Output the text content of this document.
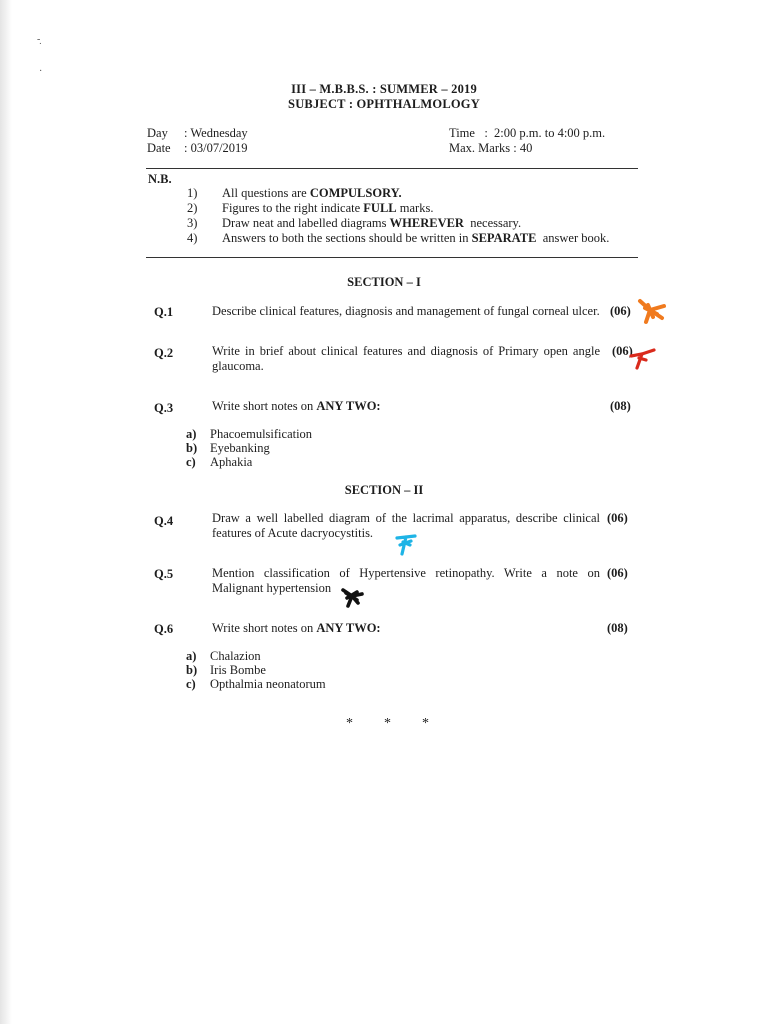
-̣
·
III – M.B.B.S. : SUMMER – 2019
SUBJECT : OPHTHALMOLOGY
Day : Wednesday
Date : 03/07/2019
Time   :  2:00 p.m. to 4:00 p.m.
Max. Marks : 40
N.B.
1) All questions are COMPULSORY.
2) Figures to the right indicate FULL marks.
3) Draw neat and labelled diagrams WHEREVER  necessary.
4) Answers to both the sections should be written in SEPARATE  answer book.
SECTION – I
Q.1	Describe clinical features, diagnosis and management of fungal corneal ulcer. (06)
Q.2	Write in brief about clinical features and diagnosis of Primary open angle glaucoma.
(06)
Q.3	Write short notes on ANY TWO:	(08)
a)	Phacoemulsification
b)	Eyebanking
c)	Aphakia
SECTION – II
Q.4	Draw a well labelled diagram of the lacrimal apparatus, describe clinical features of Acute dacryocystitis.
(06)
Q.5	Mention classification of Hypertensive retinopathy. Write a note on Malignant hypertension
(06)
Q.6	Write short notes on ANY TWO:	(08)
a)	Chalazion
b)	Iris Bombe
c)	Opthalmia neonatorum
* * *
